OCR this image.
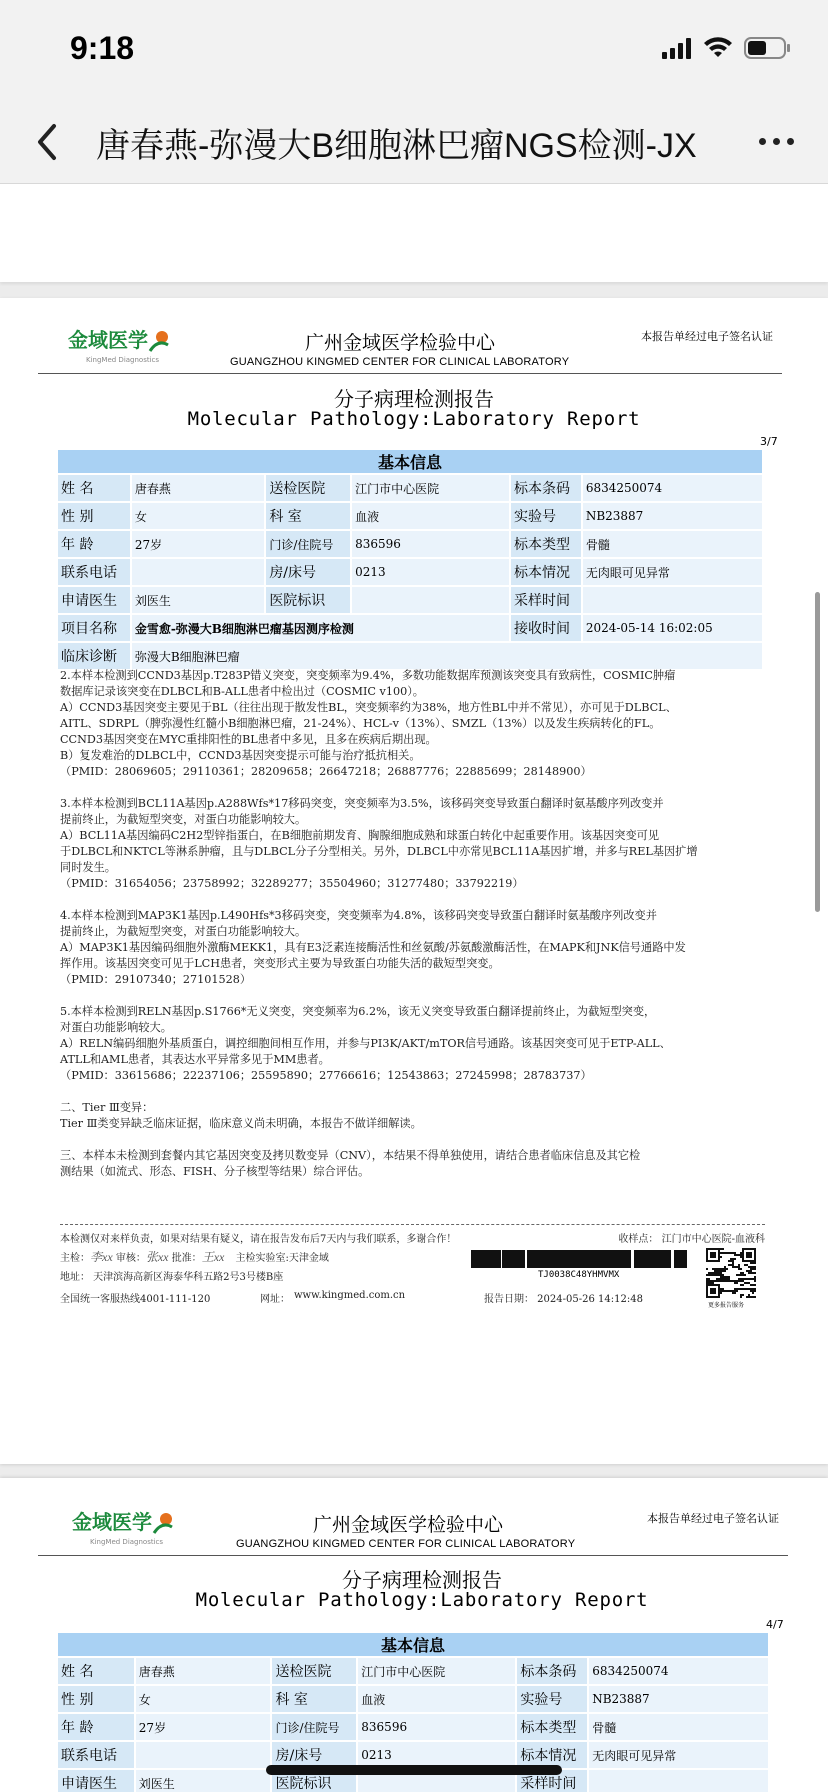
9:18
唐春燕-弥漫大B细胞淋巴瘤NGS检测-JX
金域医学
KingMed Diagnostics
广州金域医学检验中心
GUANGZHOU KINGMED CENTER FOR CLINICAL LABORATORY
本报告单经过电子签名认证
分子病理检测报告
Molecular Pathology:Laboratory Report
3/7
基本信息					
姓 名	唐春燕	送检医院	江门市中心医院	标本条码	6834250074
性 别	女	科 室	血液	实验号	NB23887
年 龄	27岁	门诊/住院号	836596	标本类型	骨髓
联系电话		房/床号	0213	标本情况	无肉眼可见异常
申请医生	刘医生	医院标识		采样时间	
项目名称	金雪愈-弥漫大B细胞淋巴瘤基因测序检测			接收时间	2024-05-14 16:02:05
临床诊断	弥漫大B细胞淋巴瘤				

2.本样本检测到CCND3基因p.T283P错义突变，突变频率为9.4%，多数功能数据库预测该突变具有致病性，COSMIC肿瘤

数据库记录该突变在DLBCL和B-ALL患者中检出过（COSMIC v100）。

A）CCND3基因突变主要见于BL（往往出现于散发性BL，突变频率约为38%，地方性BL中并不常见），亦可见于DLBCL、

AITL、SDRPL（脾弥漫性红髓小B细胞淋巴瘤，21-24%）、HCL-v（13%）、SMZL（13%）以及发生疾病转化的FL。

CCND3基因突变在MYC重排阳性的BL患者中多见，且多在疾病后期出现。

B）复发难治的DLBCL中，CCND3基因突变提示可能与治疗抵抗相关。

（PMID：28069605；29110361；28209658；26647218；26887776；22885699；28148900）

3.本样本检测到BCL11A基因p.A288Wfs*17移码突变，突变频率为3.5%，该移码突变导致蛋白翻译时氨基酸序列改变并

提前终止，为截短型突变，对蛋白功能影响较大。

A）BCL11A基因编码C2H2型锌指蛋白，在B细胞前期发育、胸腺细胞成熟和球蛋白转化中起重要作用。该基因突变可见

于DLBCL和NKTCL等淋系肿瘤，且与DLBCL分子分型相关。另外，DLBCL中亦常见BCL11A基因扩增，并多与REL基因扩增

同时发生。

（PMID：31654056；23758992；32289277；35504960；31277480；33792219）

4.本样本检测到MAP3K1基因p.L490Hfs*3移码突变，突变频率为4.8%，该移码突变导致蛋白翻译时氨基酸序列改变并

提前终止，为截短型突变，对蛋白功能影响较大。

A）MAP3K1基因编码细胞外激酶MEKK1，具有E3泛素连接酶活性和丝氨酸/苏氨酸激酶活性，在MAPK和JNK信号通路中发

挥作用。该基因突变可见于LCH患者，突变形式主要为导致蛋白功能失活的截短型突变。

（PMID：29107340；27101528）

5.本样本检测到RELN基因p.S1766*无义突变，突变频率为6.2%，该无义突变导致蛋白翻译提前终止，为截短型突变，

对蛋白功能影响较大。

A）RELN编码细胞外基质蛋白，调控细胞间相互作用，并参与PI3K/AKT/mTOR信号通路。该基因突变可见于ETP-ALL、

ATLL和AML患者，其表达水平异常多见于MM患者。

（PMID：33615686；22237106；25595890；27766616；12543863；27245998；28783737）

二、Tier Ⅲ变异：

Tier Ⅲ类变异缺乏临床证据，临床意义尚未明确，本报告不做详细解读。

三、本样本未检测到套餐内其它基因突变及拷贝数变异（CNV），本结果不得单独使用，请结合患者临床信息及其它检

测结果（如流式、形态、FISH、分子核型等结果）综合评估。

本检测仅对来样负责，如果对结果有疑义，请在报告发布后7天内与我们联系，多谢合作！	收样点： 江门市中心医院-血液科
主检：李xx 审核：张xx 批准：王xx 主检实验室:天津金域
地址： 天津滨海高新区海泰华科五路2号3号楼B座
全国统一客服热线4001-111-120	网址： www.kingmed.com.cn	报告日期： 2024-05-26 14:12:48
TJ0038C48YHMVMX
更多报告服务
金域医学
KingMed Diagnostics
广州金域医学检验中心
GUANGZHOU KINGMED CENTER FOR CLINICAL LABORATORY
本报告单经过电子签名认证
分子病理检测报告
Molecular Pathology:Laboratory Report
4/7
基本信息					
姓 名	唐春燕	送检医院	江门市中心医院	标本条码	6834250074
性 别	女	科 室	血液	实验号	NB23887
年 龄	27岁	门诊/住院号	836596	标本类型	骨髓
联系电话		房/床号	0213	标本情况	无肉眼可见异常
申请医生	刘医生	医院标识		采样时间	
